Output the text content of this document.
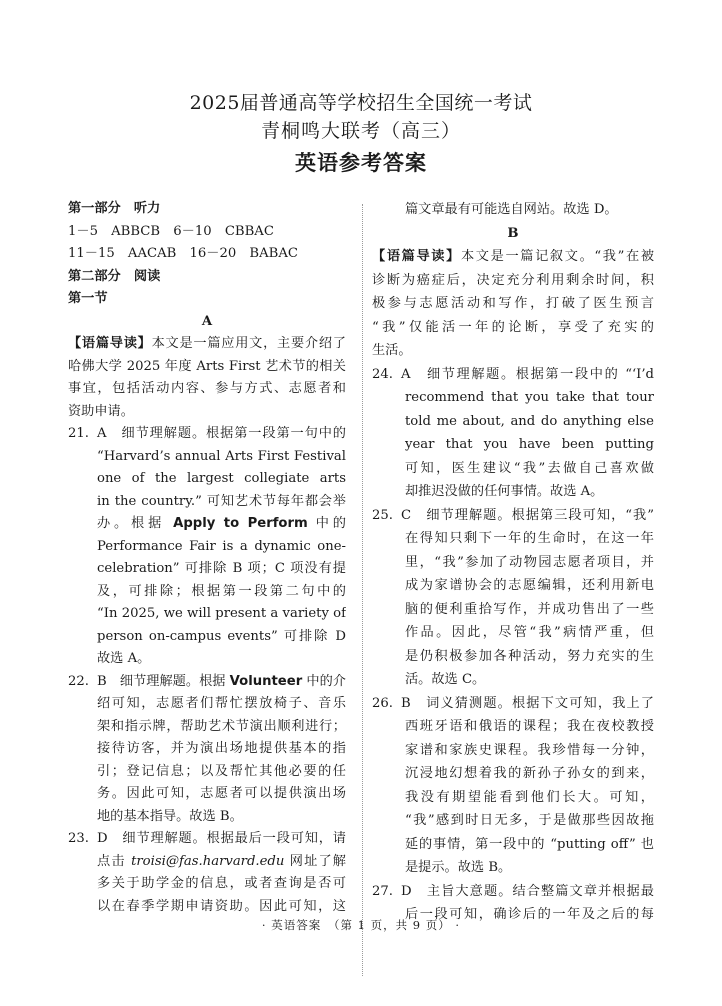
2025届普通高等学校招生全国统一考试
青桐鸣大联考（高三）
英语参考答案
第一部分　听力
1－5　ABBCB　6－10　CBBAC
11－15　AACAB　16－20　BABAC
第二部分　阅读
第一节
A
【语篇导读】本文是一篇应用文，主要介绍了
哈佛大学 2025 年度 Arts First 艺术节的相关
事宜，包括活动内容、参与方式、志愿者和
资助申请。
21. A　细节理解题。根据第一段第一句中的
“Harvard’s annual Arts First Festival
one of the largest collegiate arts
in the country.” 可知艺术节每年都会举
办。根据 Apply to Perform 中的
Performance Fair is a dynamic one-
celebration” 可排除 B 项；C 项没有提
及，可排除；根据第一段第二句中的
“In 2025, we will present a variety of
person on-campus events” 可排除 D
故选 A。
22. B　细节理解题。根据 Volunteer 中的介
绍可知，志愿者们帮忙摆放椅子、音乐
架和指示牌，帮助艺术节演出顺利进行；
接待访客，并为演出场地提供基本的指
引；登记信息；以及帮忙其他必要的任
务。因此可知，志愿者可以提供演出场
地的基本指导。故选 B。
23. D　细节理解题。根据最后一段可知，请
点击 troisi@fas.harvard.edu 网址了解
多关于助学金的信息，或者查询是否可
以在春季学期申请资助。因此可知，这
篇文章最有可能选自网站。故选 D。
B
【语篇导读】本文是一篇记叙文。“我”在被
诊断为癌症后，决定充分利用剩余时间，积
极参与志愿活动和写作，打破了医生预言
“我”仅能活一年的论断，享受了充实的
生活。
24. A　细节理解题。根据第一段中的 “‘I’d
recommend that you take that tour
told me about, and do anything else
year that you have been putting
可知，医生建议“我”去做自己喜欢做
却推迟没做的任何事情。故选 A。
25. C　细节理解题。根据第三段可知，“我”
在得知只剩下一年的生命时，在这一年
里，“我”参加了动物园志愿者项目，并
成为家谱协会的志愿编辑，还利用新电
脑的便利重拾写作，并成功售出了一些
作品。因此，尽管“我”病情严重，但
是仍积极参加各种活动，努力充实的生
活。故选 C。
26. B　词义猜测题。根据下文可知，我上了
西班牙语和俄语的课程；我在夜校教授
家谱和家族史课程。我珍惜每一分钟，
沉浸地幻想着我的新孙子孙女的到来，
我没有期望能看到他们长大。可知，
“我”感到时日无多，于是做那些因故拖
延的事情，第一段中的 “putting off” 也
是提示。故选 B。
27. D　主旨大意题。结合整篇文章并根据最
后一段可知，确诊后的一年及之后的每
· 英语答案　（第 1 页，共 9 页） ·
